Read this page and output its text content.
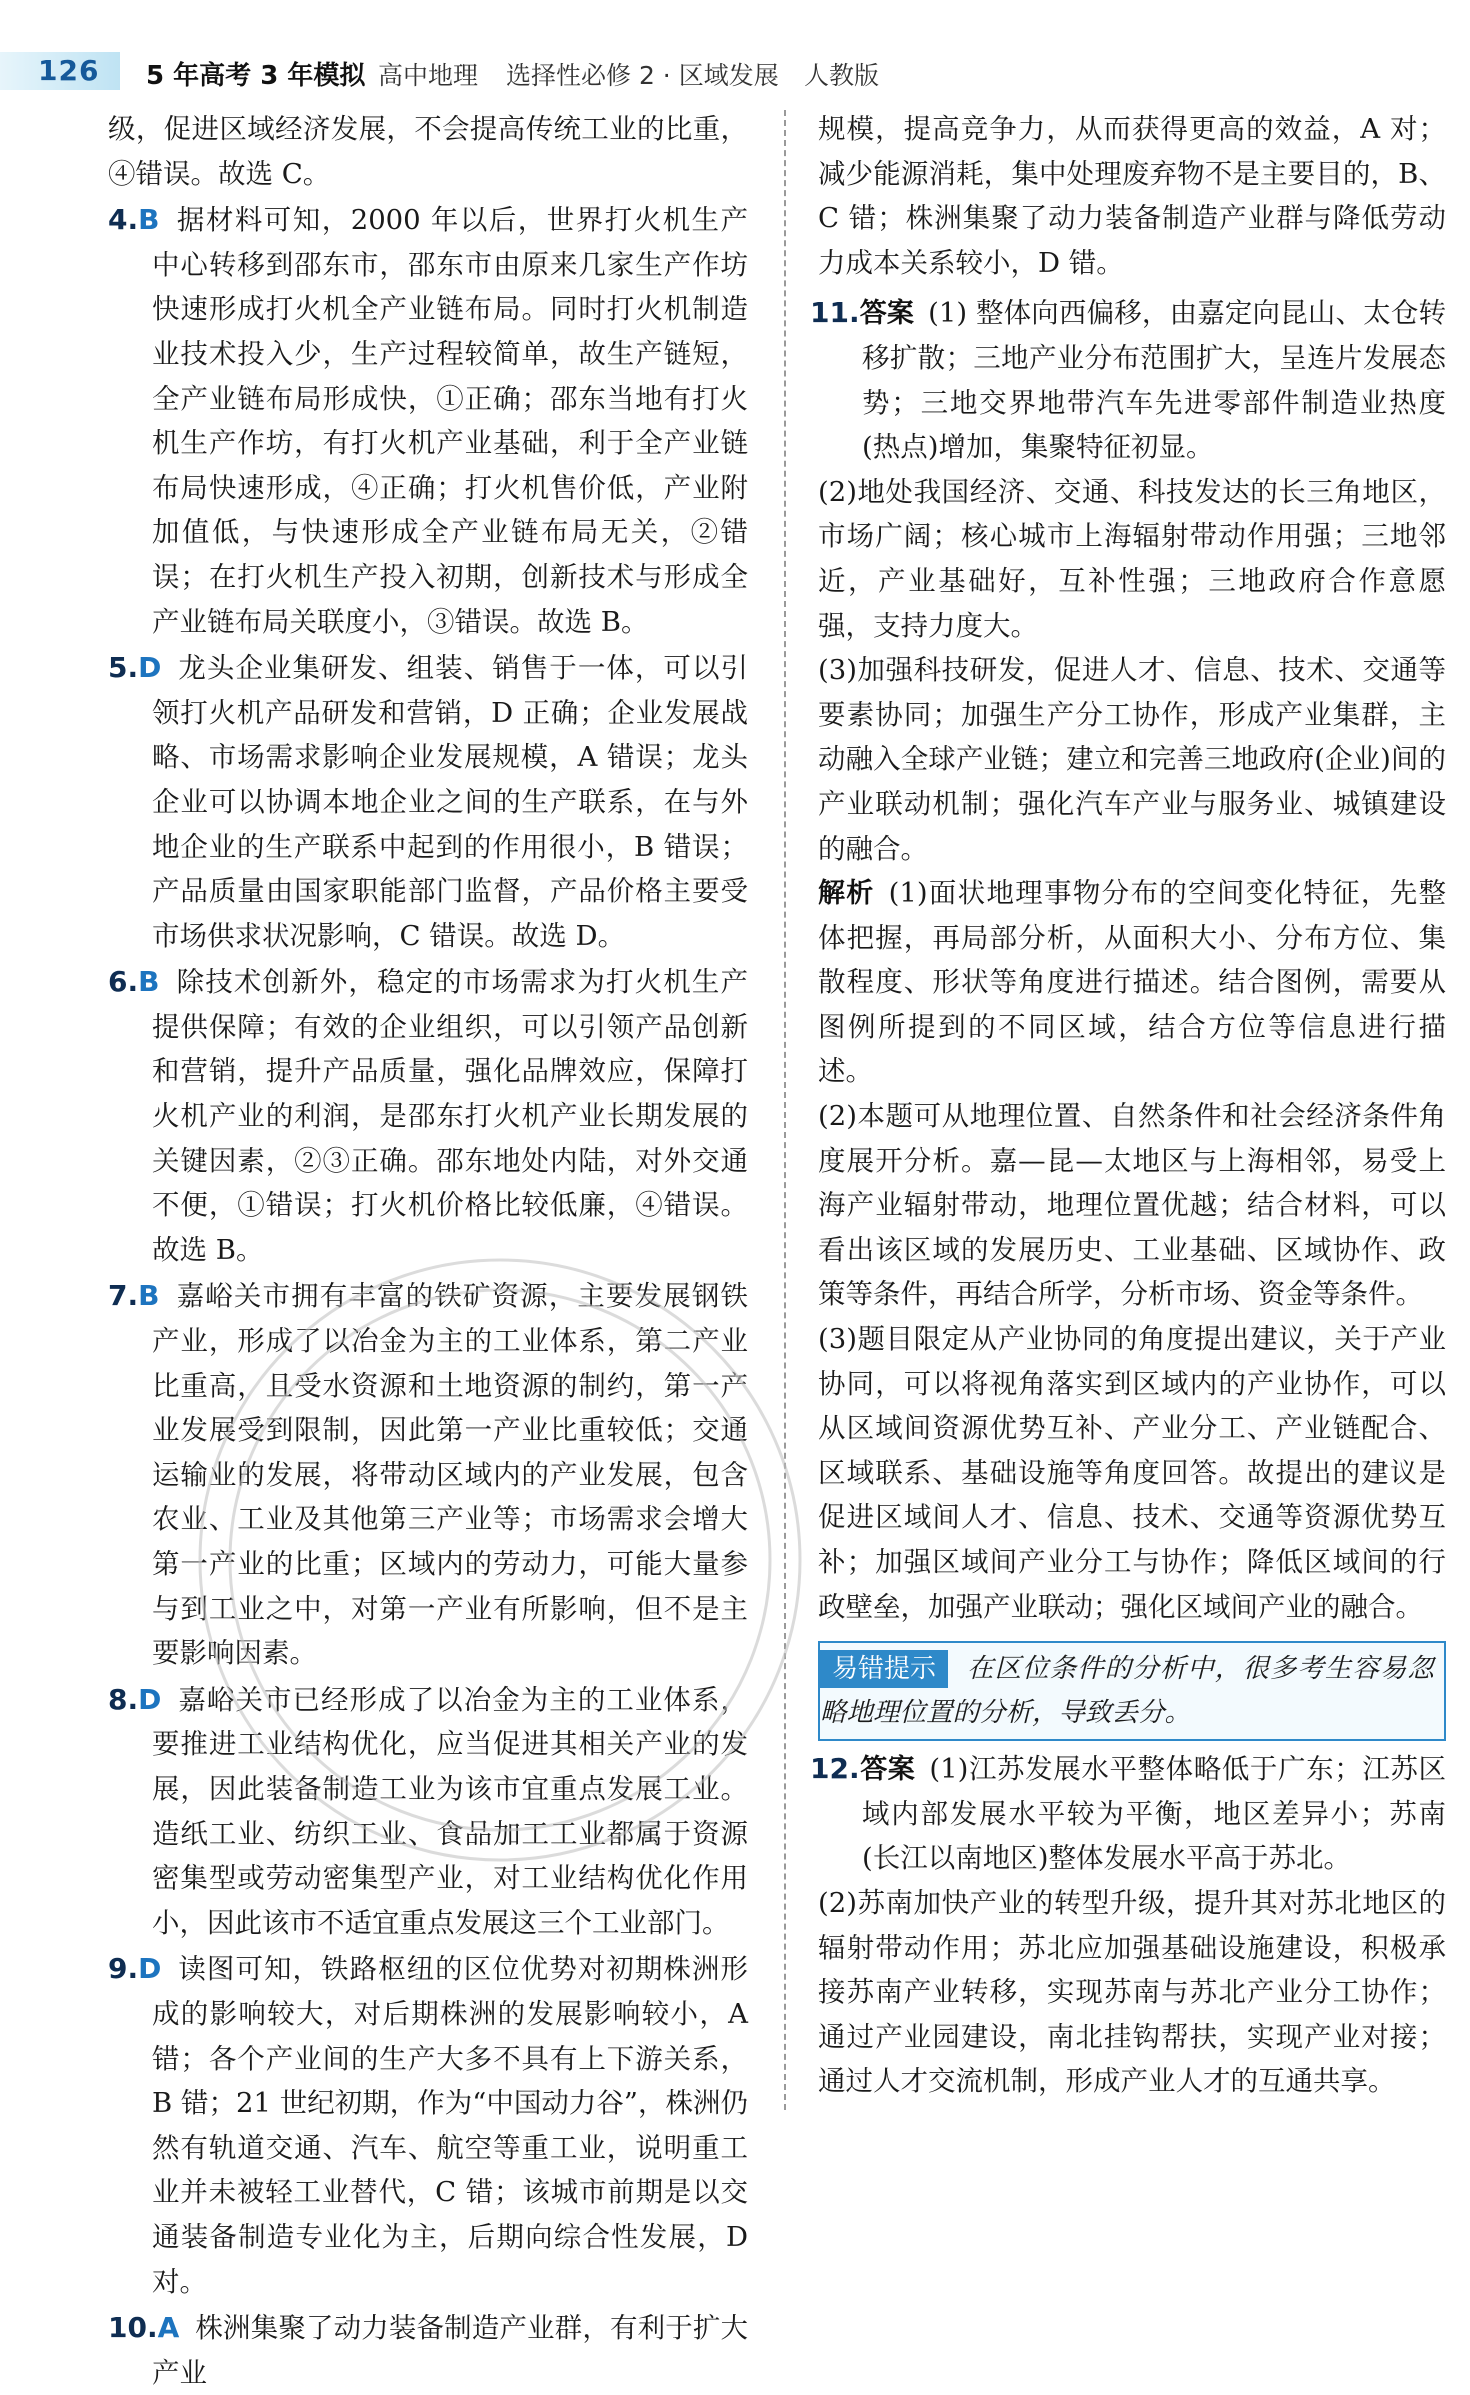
126 5 年高考 3 年模拟 高中地理 选择性必修 2 · 区域发展 人教版

级，促进区域经济发展，不会提高传统工业的比重，④错误。故选 C。

4.B 据材料可知，2000 年以后，世界打火机生产中心转移到邵东市，邵东市由原来几家生产作坊快速形成打火机全产业链布局。同时打火机制造业技术投入少，生产过程较简单，故生产链短，全产业链布局形成快，①正确；邵东当地有打火机生产作坊，有打火机产业基础，利于全产业链布局快速形成，④正确；打火机售价低，产业附加值低，与快速形成全产业链布局无关，②错误；在打火机生产投入初期，创新技术与形成全产业链布局关联度小，③错误。故选 B。

5.D 龙头企业集研发、组装、销售于一体，可以引领打火机产品研发和营销，D 正确；企业发展战略、市场需求影响企业发展规模，A 错误；龙头企业可以协调本地企业之间的生产联系，在与外地企业的生产联系中起到的作用很小，B 错误；产品质量由国家职能部门监督，产品价格主要受市场供求状况影响，C 错误。故选 D。

6.B 除技术创新外，稳定的市场需求为打火机生产提供保障；有效的企业组织，可以引领产品创新和营销，提升产品质量，强化品牌效应，保障打火机产业的利润，是邵东打火机产业长期发展的关键因素，②③正确。邵东地处内陆，对外交通不便，①错误；打火机价格比较低廉，④错误。故选 B。

7.B 嘉峪关市拥有丰富的铁矿资源，主要发展钢铁产业，形成了以冶金为主的工业体系，第二产业比重高，且受水资源和土地资源的制约，第一产业发展受到限制，因此第一产业比重较低；交通运输业的发展，将带动区域内的产业发展，包含农业、工业及其他第三产业等；市场需求会增大第一产业的比重；区域内的劳动力，可能大量参与到工业之中，对第一产业有所影响，但不是主要影响因素。

8.D 嘉峪关市已经形成了以冶金为主的工业体系，要推进工业结构优化，应当促进其相关产业的发展，因此装备制造工业为该市宜重点发展工业。造纸工业、纺织工业、食品加工工业都属于资源密集型或劳动密集型产业，对工业结构优化作用小，因此该市不适宜重点发展这三个工业部门。

9.D 读图可知，铁路枢纽的区位优势对初期株洲形成的影响较大，对后期株洲的发展影响较小，A 错；各个产业间的生产大多不具有上下游关系，B 错；21 世纪初期，作为“中国动力谷”，株洲仍然有轨道交通、汽车、航空等重工业，说明重工业并未被轻工业替代，C 错；该城市前期是以交通装备制造专业化为主，后期向综合性发展，D 对。

10.A 株洲集聚了动力装备制造产业群，有利于扩大产业

规模，提高竞争力，从而获得更高的效益，A 对；减少能源消耗，集中处理废弃物不是主要目的，B、C 错；株洲集聚了动力装备制造产业群与降低劳动力成本关系较小，D 错。

11.答案 (1) 整体向西偏移，由嘉定向昆山、太仓转移扩散；三地产业分布范围扩大，呈连片发展态势；三地交界地带汽车先进零部件制造业热度(热点)增加，集聚特征初显。

(2)地处我国经济、交通、科技发达的长三角地区，市场广阔；核心城市上海辐射带动作用强；三地邻近，产业基础好，互补性强；三地政府合作意愿强，支持力度大。

(3)加强科技研发，促进人才、信息、技术、交通等要素协同；加强生产分工协作，形成产业集群，主动融入全球产业链；建立和完善三地政府(企业)间的产业联动机制；强化汽车产业与服务业、城镇建设的融合。

解析 (1)面状地理事物分布的空间变化特征，先整体把握，再局部分析，从面积大小、分布方位、集散程度、形状等角度进行描述。结合图例，需要从图例所提到的不同区域，结合方位等信息进行描述。

(2)本题可从地理位置、自然条件和社会经济条件角度展开分析。嘉—昆—太地区与上海相邻，易受上海产业辐射带动，地理位置优越；结合材料，可以看出该区域的发展历史、工业基础、区域协作、政策等条件，再结合所学，分析市场、资金等条件。

(3)题目限定从产业协同的角度提出建议，关于产业协同，可以将视角落实到区域内的产业协作，可以从区域间资源优势互补、产业分工、产业链配合、区域联系、基础设施等角度回答。故提出的建议是促进区域间人才、信息、技术、交通等资源优势互补；加强区域间产业分工与协作；降低区域间的行政壁垒，加强产业联动；强化区域间产业的融合。

易错提示 在区位条件的分析中，很多考生容易忽略地理位置的分析，导致丢分。

12.答案 (1)江苏发展水平整体略低于广东；江苏区域内部发展水平较为平衡，地区差异小；苏南(长江以南地区)整体发展水平高于苏北。

(2)苏南加快产业的转型升级，提升其对苏北地区的辐射带动作用；苏北应加强基础设施建设，积极承接苏南产业转移，实现苏南与苏北产业分工协作；通过产业园建设，南北挂钩帮扶，实现产业对接；通过人才交流机制，形成产业人才的互通共享。
